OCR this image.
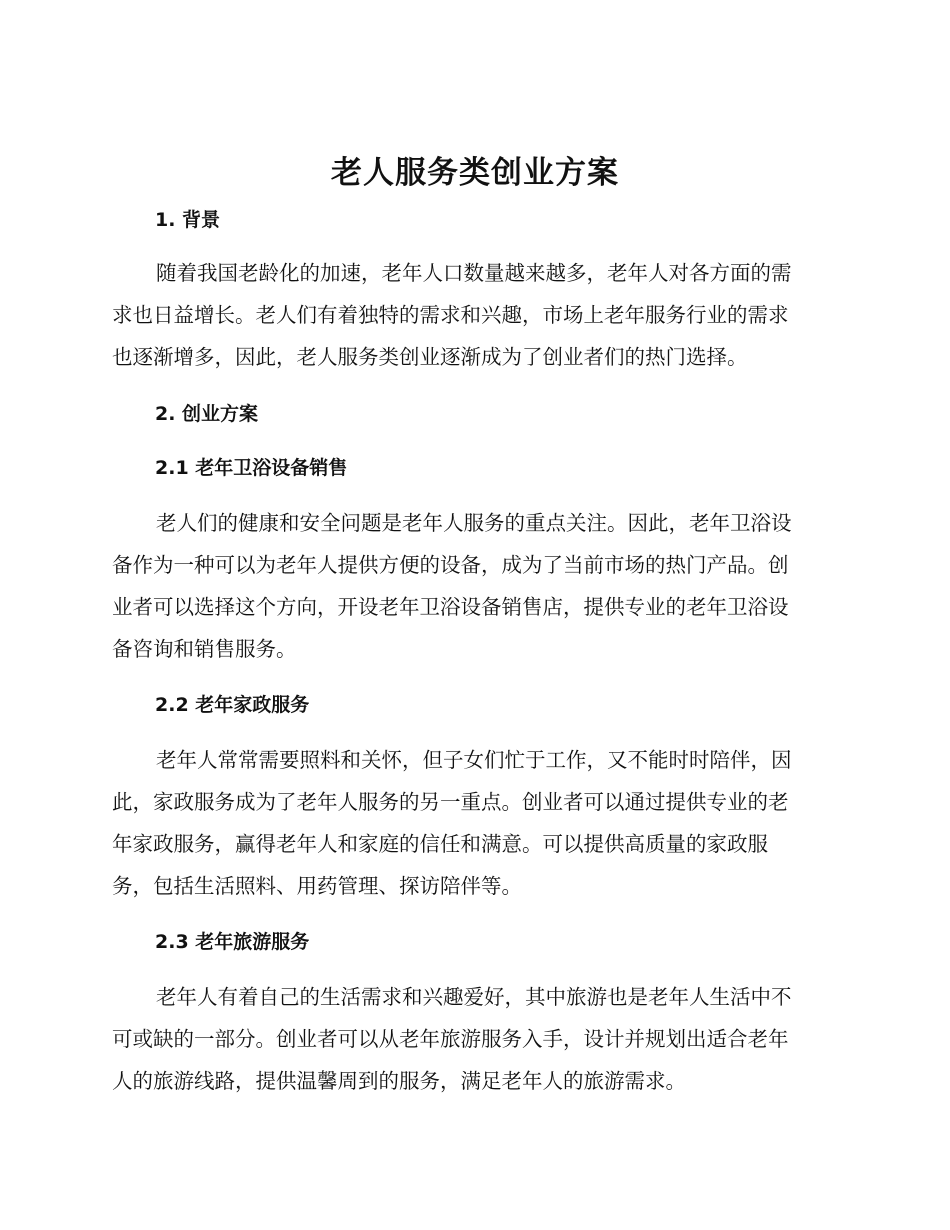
老人服务类创业方案
1. 背景
随着我国老龄化的加速，老年人口数量越来越多，老年人对各方面的需
求也日益增长。老人们有着独特的需求和兴趣，市场上老年服务行业的需求
也逐渐增多，因此，老人服务类创业逐渐成为了创业者们的热门选择。
2. 创业方案
2.1 老年卫浴设备销售
老人们的健康和安全问题是老年人服务的重点关注。因此，老年卫浴设
备作为一种可以为老年人提供方便的设备，成为了当前市场的热门产品。创
业者可以选择这个方向，开设老年卫浴设备销售店，提供专业的老年卫浴设
备咨询和销售服务。
2.2 老年家政服务
老年人常常需要照料和关怀，但子女们忙于工作，又不能时时陪伴，因
此，家政服务成为了老年人服务的另一重点。创业者可以通过提供专业的老
年家政服务，赢得老年人和家庭的信任和满意。可以提供高质量的家政服
务，包括生活照料、用药管理、探访陪伴等。
2.3 老年旅游服务
老年人有着自己的生活需求和兴趣爱好，其中旅游也是老年人生活中不
可或缺的一部分。创业者可以从老年旅游服务入手，设计并规划出适合老年
人的旅游线路，提供温馨周到的服务，满足老年人的旅游需求。
